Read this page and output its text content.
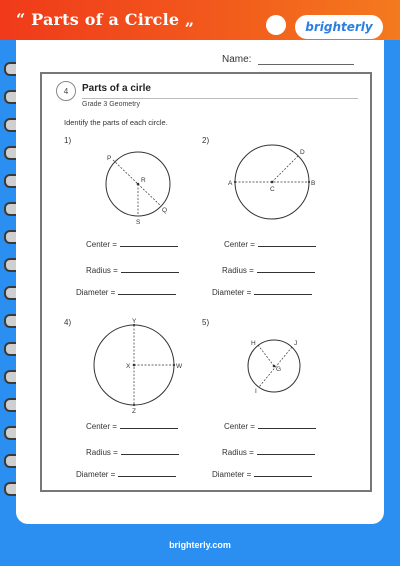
“ Parts of a Circle „	brighterly
Name:
4	Parts of a cirle
Grade 3 Geometry
Identify the parts of each circle.
1)
P
R
Q
S
2)
D
A
C
B
Center =
Radius =
Diameter =
Center =
Radius =
Diameter =
4)	Y
X	W
Z
5)
H	J
G
I
Center =
Radius =
Diameter =
Center =
Radius =
Diameter =
brighterly.com
